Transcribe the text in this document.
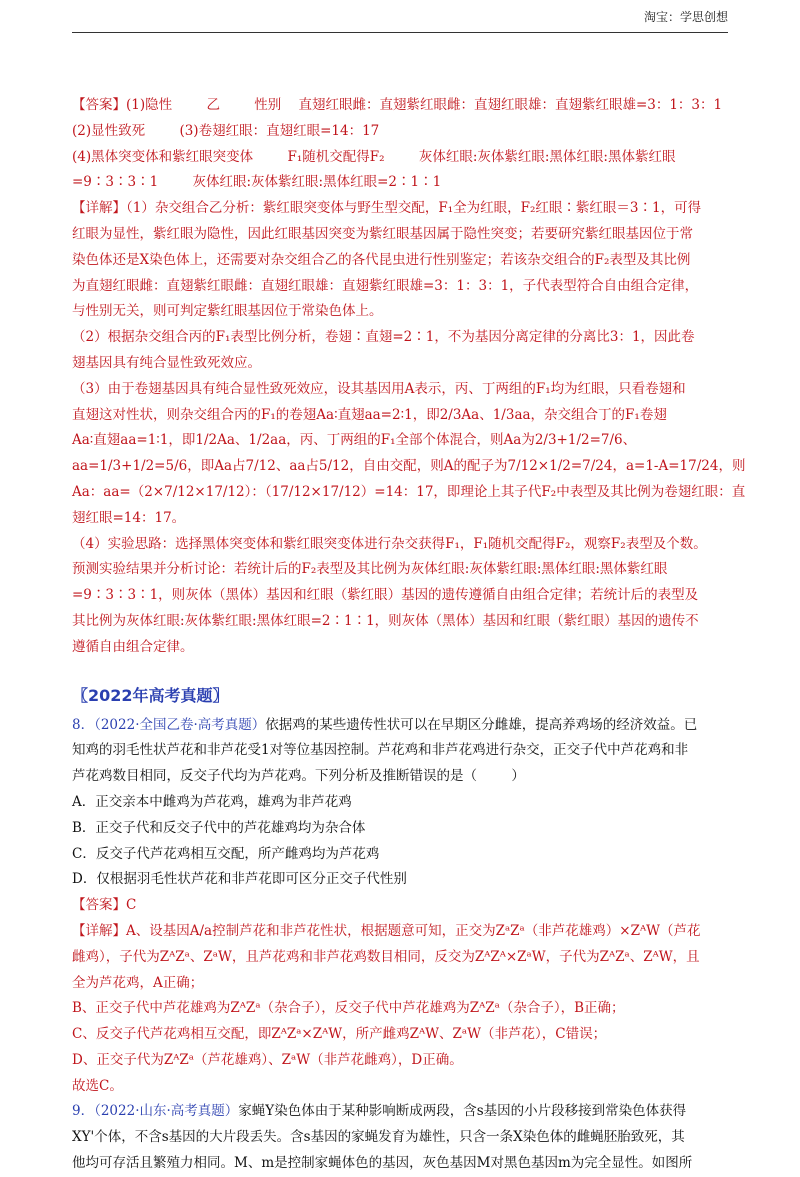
淘宝：学思创想
【答案】(1)隐性        乙        性别    直翅红眼雌：直翅紫红眼雌：直翅红眼雄：直翅紫红眼雄=3：1：3：1
(2)显性致死        (3)卷翅红眼：直翅红眼=14：17
(4)黑体突变体和紫红眼突变体        F₁随机交配得F₂        灰体红眼:灰体紫红眼:黑体红眼:黑体紫红眼
=9∶3∶3∶1        灰体红眼:灰体紫红眼:黑体红眼=2∶1∶1
【详解】（1）杂交组合乙分析：紫红眼突变体与野生型交配，F₁全为红眼，F₂红眼∶紫红眼＝3∶1，可得
红眼为显性，紫红眼为隐性，因此红眼基因突变为紫红眼基因属于隐性突变；若要研究紫红眼基因位于常
染色体还是X染色体上，还需要对杂交组合乙的各代昆虫进行性别鉴定；若该杂交组合的F₂表型及其比例
为直翅红眼雌：直翅紫红眼雌：直翅红眼雄：直翅紫红眼雄=3：1：3：1，子代表型符合自由组合定律，
与性别无关，则可判定紫红眼基因位于常染色体上。
（2）根据杂交组合丙的F₁表型比例分析，卷翅∶直翅=2∶1，不为基因分离定律的分离比3：1，因此卷
翅基因具有纯合显性致死效应。
（3）由于卷翅基因具有纯合显性致死效应，设其基因用A表示，丙、丁两组的F₁均为红眼，只看卷翅和
直翅这对性状，则杂交组合丙的F₁的卷翅Aa∶直翅aa=2∶1，即2/3Aa、1/3aa，杂交组合丁的F₁卷翅
Aa∶直翅aa=1∶1，即1/2Aa、1/2aa，丙、丁两组的F₁全部个体混合，则Aa为2/3+1/2=7/6、
aa=1/3+1/2=5/6，即Aa占7/12、aa占5/12，自由交配，则A的配子为7/12×1/2=7/24，a=1-A=17/24，则
Aa：aa=（2×7/12×17/12）：（17/12×17/12）=14：17，即理论上其子代F₂中表型及其比例为卷翅红眼：直
翅红眼=14：17。
（4）实验思路：选择黑体突变体和紫红眼突变体进行杂交获得F₁，F₁随机交配得F₂，观察F₂表型及个数。
预测实验结果并分析讨论：若统计后的F₂表型及其比例为灰体红眼:灰体紫红眼:黑体红眼:黑体紫红眼
=9∶3∶3∶1，则灰体（黑体）基因和红眼（紫红眼）基因的遗传遵循自由组合定律；若统计后的表型及
其比例为灰体红眼:灰体紫红眼:黑体红眼=2∶1∶1，则灰体（黑体）基因和红眼（紫红眼）基因的遗传不
遵循自由组合定律。
〖2022年高考真题〗
8．（2022·全国乙卷·高考真题）依据鸡的某些遗传性状可以在早期区分雌雄，提高养鸡场的经济效益。已
知鸡的羽毛性状芦花和非芦花受1对等位基因控制。芦花鸡和非芦花鸡进行杂交，正交子代中芦花鸡和非
芦花鸡数目相同，反交子代均为芦花鸡。下列分析及推断错误的是（        ）
A．正交亲本中雌鸡为芦花鸡，雄鸡为非芦花鸡
B．正交子代和反交子代中的芦花雄鸡均为杂合体
C．反交子代芦花鸡相互交配，所产雌鸡均为芦花鸡
D．仅根据羽毛性状芦花和非芦花即可区分正交子代性别
【答案】C
【详解】A、设基因A/a控制芦花和非芦花性状，根据题意可知，正交为ZᵃZᵃ（非芦花雄鸡）×ZᴬW（芦花
雌鸡），子代为ZᴬZᵃ、ZᵃW，且芦花鸡和非芦花鸡数目相同，反交为ZᴬZᴬ×ZᵃW，子代为ZᴬZᵃ、ZᴬW，且
全为芦花鸡，A正确；
B、正交子代中芦花雄鸡为ZᴬZᵃ（杂合子），反交子代中芦花雄鸡为ZᴬZᵃ（杂合子），B正确；
C、反交子代芦花鸡相互交配，即ZᴬZᵃ×ZᴬW，所产雌鸡ZᴬW、ZᵃW（非芦花），C错误；
D、正交子代为ZᴬZᵃ（芦花雄鸡）、ZᵃW（非芦花雌鸡），D正确。
故选C。
9．（2022·山东·高考真题）家蝇Y染色体由于某种影响断成两段，含s基因的小片段移接到常染色体获得
XY'个体，不含s基因的大片段丢失。含s基因的家蝇发育为雄性，只含一条X染色体的雌蝇胚胎致死，其
他均可存活且繁殖力相同。M、m是控制家蝇体色的基因，灰色基因M对黑色基因m为完全显性。如图所
